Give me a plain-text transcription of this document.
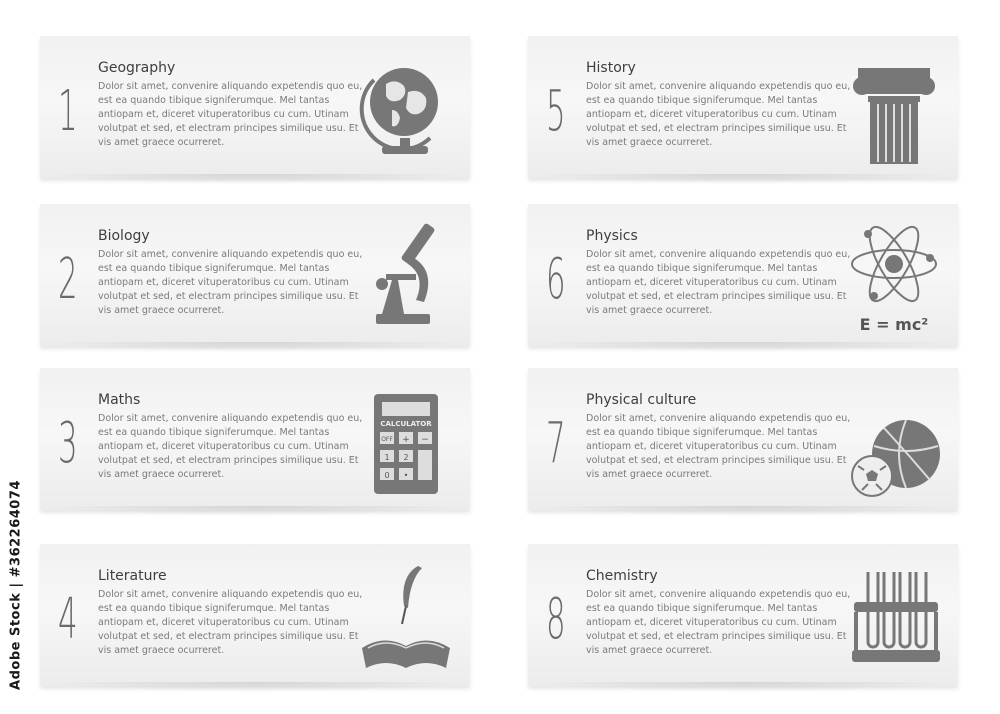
1
Geography
Dolor sit amet, convenire aliquando expetendis quo eu, est ea quando tibique signiferumque. Mel tantas antiopam et, diceret vituperatoribus cu cum. Utinam volutpat et sed, et electram principes similique usu. Et vis amet graece ocurreret.
2
Biology
Dolor sit amet, convenire aliquando expetendis quo eu, est ea quando tibique signiferumque. Mel tantas antiopam et, diceret vituperatoribus cu cum. Utinam volutpat et sed, et electram principes similique usu. Et vis amet graece ocurreret.
3
Maths
Dolor sit amet, convenire aliquando expetendis quo eu, est ea quando tibique signiferumque. Mel tantas antiopam et, diceret vituperatoribus cu cum. Utinam volutpat et sed, et electram principes similique usu. Et vis amet graece ocurreret.
CALCULATOR
OFF + −
1 2
0 •
4
Literature
Dolor sit amet, convenire aliquando expetendis quo eu, est ea quando tibique signiferumque. Mel tantas antiopam et, diceret vituperatoribus cu cum. Utinam volutpat et sed, et electram principes similique usu. Et vis amet graece ocurreret.
5
History
Dolor sit amet, convenire aliquando expetendis quo eu, est ea quando tibique signiferumque. Mel tantas antiopam et, diceret vituperatoribus cu cum. Utinam volutpat et sed, et electram principes similique usu. Et vis amet graece ocurreret.
6
Physics
Dolor sit amet, convenire aliquando expetendis quo eu, est ea quando tibique signiferumque. Mel tantas antiopam et, diceret vituperatoribus cu cum. Utinam volutpat et sed, et electram principes similique usu. Et vis amet graece ocurreret.
E = mc²
7
Physical culture
Dolor sit amet, convenire aliquando expetendis quo eu, est ea quando tibique signiferumque. Mel tantas antiopam et, diceret vituperatoribus cu cum. Utinam volutpat et sed, et electram principes similique usu. Et vis amet graece ocurreret.
8
Chemistry
Dolor sit amet, convenire aliquando expetendis quo eu, est ea quando tibique signiferumque. Mel tantas antiopam et, diceret vituperatoribus cu cum. Utinam volutpat et sed, et electram principes similique usu. Et vis amet graece ocurreret.
Adobe Stock | #362264074
